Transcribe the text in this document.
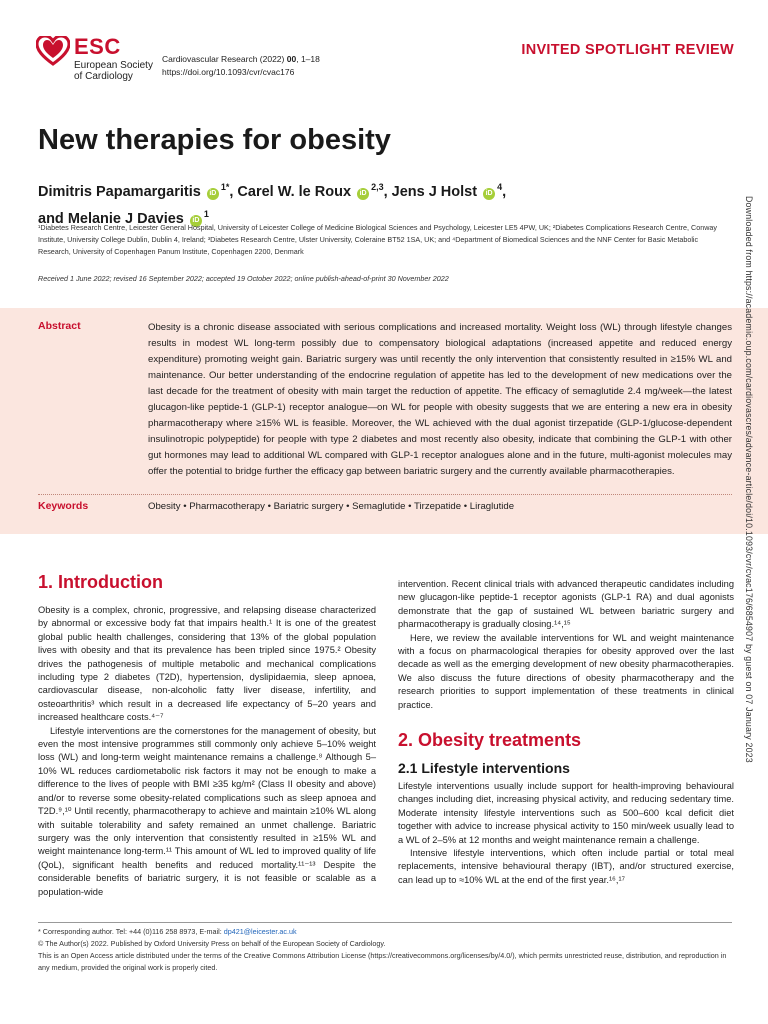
ESC
European Society of Cardiology
Cardiovascular Research (2022) 00, 1–18
https://doi.org/10.1093/cvr/cvac176
INVITED SPOTLIGHT REVIEW
New therapies for obesity
Dimitris Papamargaritis $iD^{1*}$, Carel W. le Roux iD$^{2,3}$, Jens J Holst $iD^4$,
and Melanie J Davies $iD^1$
¹Diabetes Research Centre, Leicester General Hospital, University of Leicester College of Medicine Biological Sciences and Psychology, Leicester LE5 4PW, UK; ²Diabetes Complications Research Centre, Conway Institute, University College Dublin, Dublin 4, Ireland; ³Diabetes Research Centre, Ulster University, Coleraine BT52 1SA, UK; and ⁴Department of Biomedical Sciences and the NNF Center for Basic Metabolic Research, University of Copenhagen Panum Institute, Copenhagen 2200, Denmark
Received 1 June 2022; revised 16 September 2022; accepted 19 October 2022; online publish-ahead-of-print 30 November 2022
Abstract	Obesity is a chronic disease associated with serious complications and increased mortality. Weight loss (WL) through lifestyle changes results in modest WL long-term possibly due to compensatory biological adaptations (increased appetite and reduced energy expenditure) promoting weight gain. Bariatric surgery was until recently the only intervention that consistently resulted in ≥15% WL and maintenance. Our better understanding of the endocrine regulation of appetite has led to the development of new medications over the last decade for the treatment of obesity with main target the reduction of appetite. The efficacy of semaglutide 2.4 mg/week—the latest glucagon-like peptide-1 (GLP-1) receptor analogue—on WL for people with obesity suggests that we are entering a new era in obesity pharmacotherapy where ≥15% WL is feasible. Moreover, the WL achieved with the dual agonist tirzepatide (GLP-1/glucose-dependent insulinotropic polypeptide) for people with type 2 diabetes and most recently also obesity, indicate that combining the GLP-1 with other gut hormones may lead to additional WL compared with GLP-1 receptor analogues alone and in the future, multi-agonist molecules may offer the potential to bridge further the efficacy gap between bariatric surgery and the currently available pharmacotherapies.
Keywords	Obesity • Pharmacotherapy • Bariatric surgery • Semaglutide • Tirzepatide • Liraglutide
1. Introduction

Obesity is a complex, chronic, progressive, and relapsing disease characterized by abnormal or excessive body fat that impairs health.¹ It is one of the greatest global public health challenges, considering that 13% of the global population lives with obesity and that its prevalence has been tripled since 1975.² Obesity drives the pathogenesis of multiple metabolic and mechanical complications including type 2 diabetes (T2D), hypertension, dyslipidaemia, sleep apnoea, cardiovascular disease, non-alcoholic fatty liver disease, infertility, and osteoarthritis³ which result in a decreased life expectancy of 5–20 years and increased healthcare costs.⁴⁻⁷

Lifestyle interventions are the cornerstones for the management of obesity, but even the most intensive programmes still commonly only achieve 5–10% weight loss (WL) and long-term weight maintenance remains a challenge.⁸ Although 5–10% WL reduces cardiometabolic risk factors it may not be enough to make a difference to the lives of people with BMI ≥35 kg/m² (Class II obesity and above) and/or to reverse some obesity-related complications such as sleep apnoea and T2D.⁹,¹⁰ Until recently, pharmacotherapy to achieve and maintain ≥10% WL along with suitable tolerability and safety remained an unmet challenge. Bariatric surgery was the only intervention that consistently resulted in ≥15% WL and weight maintenance long-term.¹¹ This amount of WL led to improved quality of life (QoL), significant health benefits and reduced mortality.¹¹⁻¹³ Despite the considerable benefits of bariatric surgery, it is not feasible or scalable as a population-wide

intervention. Recent clinical trials with advanced therapeutic candidates including new glucagon-like peptide-1 receptor agonists (GLP-1 RA) and dual agonists demonstrate that the gap of sustained WL between bariatric surgery and pharmacotherapy is gradually closing.¹⁴,¹⁵

Here, we review the available interventions for WL and weight maintenance with a focus on pharmacological therapies for obesity approved over the last decade as well as the emerging development of new obesity pharmacotherapies. We also discuss the future directions of obesity pharmacotherapy and the research priorities to support implementation of these treatments in clinical practice.

2. Obesity treatments
2.1 Lifestyle interventions

Lifestyle interventions usually include support for health-improving behavioural changes including diet, increasing physical activity, and reducing sedentary time. Moderate intensity lifestyle interventions such as 500–600 kcal deficit diet together with advice to increase physical activity to 150 min/week usually lead to a WL of 2–5% at 12 months and weight maintenance remain a challenge.

Intensive lifestyle interventions, which often include partial or total meal replacements, intensive behavioural therapy (IBT), and/or structured exercise, can lead up to ≈10% WL at the end of the first year.¹⁶,¹⁷

* Corresponding author. Tel: +44 (0)116 258 8973, E-mail: dp421@leicester.ac.uk
© The Author(s) 2022. Published by Oxford University Press on behalf of the European Society of Cardiology.
This is an Open Access article distributed under the terms of the Creative Commons Attribution License (https://creativecommons.org/licenses/by/4.0/), which permits unrestricted reuse, distribution, and reproduction in any medium, provided the original work is properly cited.
Downloaded from https://academic.oup.com/cardiovascres/advance-article/doi/10.1093/cvr/cvac176/6854907 by guest on 07 January 2023
